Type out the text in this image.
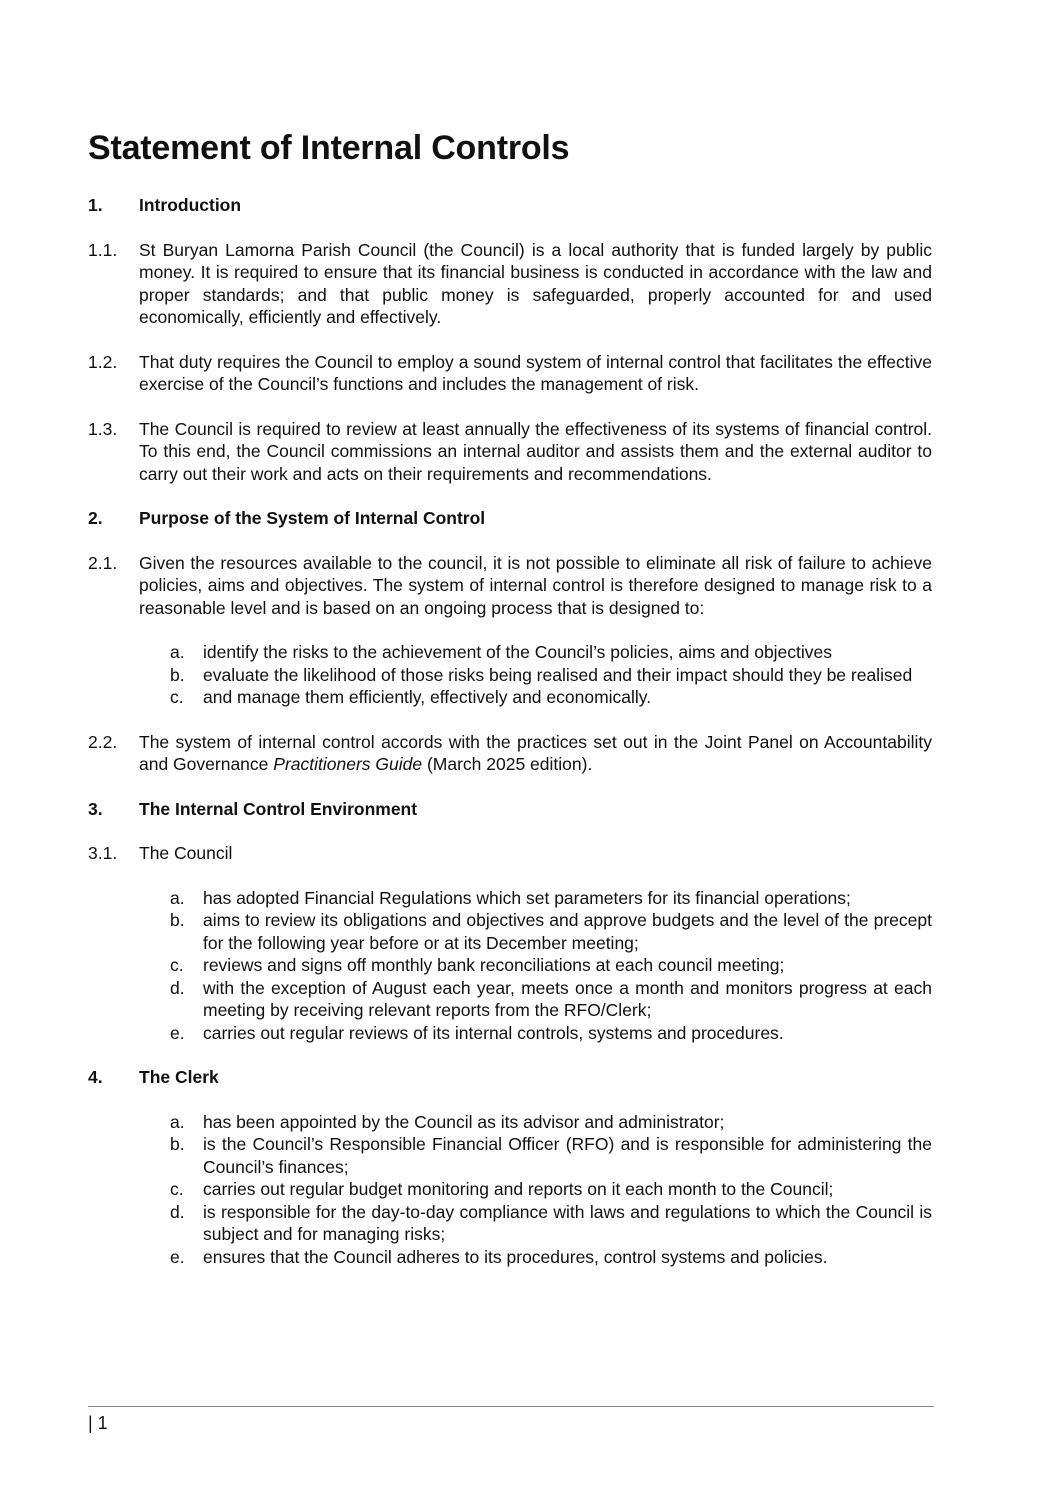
Statement of Internal Controls
1.	Introduction
1.1.	St Buryan Lamorna Parish Council (the Council) is a local authority that is funded largely by public money. It is required to ensure that its financial business is conducted in accordance with the law and proper standards; and that public money is safeguarded, properly accounted for and used economically, efficiently and effectively.
1.2.	That duty requires the Council to employ a sound system of internal control that facilitates the effective exercise of the Council’s functions and includes the management of risk.
1.3.	The Council is required to review at least annually the effectiveness of its systems of financial control. To this end, the Council commissions an internal auditor and assists them and the external auditor to carry out their work and acts on their requirements and recommendations.
2.	Purpose of the System of Internal Control
2.1.	Given the resources available to the council, it is not possible to eliminate all risk of failure to achieve policies, aims and objectives. The system of internal control is therefore designed to manage risk to a reasonable level and is based on an ongoing process that is designed to:
a.	identify the risks to the achievement of the Council’s policies, aims and objectives
b.	evaluate the likelihood of those risks being realised and their impact should they be realised
c.	and manage them efficiently, effectively and economically.
2.2.	The system of internal control accords with the practices set out in the Joint Panel on Accountability and Governance Practitioners Guide (March 2025 edition).
3.	The Internal Control Environment
3.1.	The Council
a.	has adopted Financial Regulations which set parameters for its financial operations;
b.	aims to review its obligations and objectives and approve budgets and the level of the precept for the following year before or at its December meeting;
c.	reviews and signs off monthly bank reconciliations at each council meeting;
d.	with the exception of August each year, meets once a month and monitors progress at each meeting by receiving relevant reports from the RFO/Clerk;
e.	carries out regular reviews of its internal controls, systems and procedures.
4.	The Clerk
a.	has been appointed by the Council as its advisor and administrator;
b.	is the Council’s Responsible Financial Officer (RFO) and is responsible for administering the Council’s finances;
c.	carries out regular budget monitoring and reports on it each month to the Council;
d.	is responsible for the day-to-day compliance with laws and regulations to which the Council is subject and for managing risks;
e.	ensures that the Council adheres to its procedures, control systems and policies.
| 1
